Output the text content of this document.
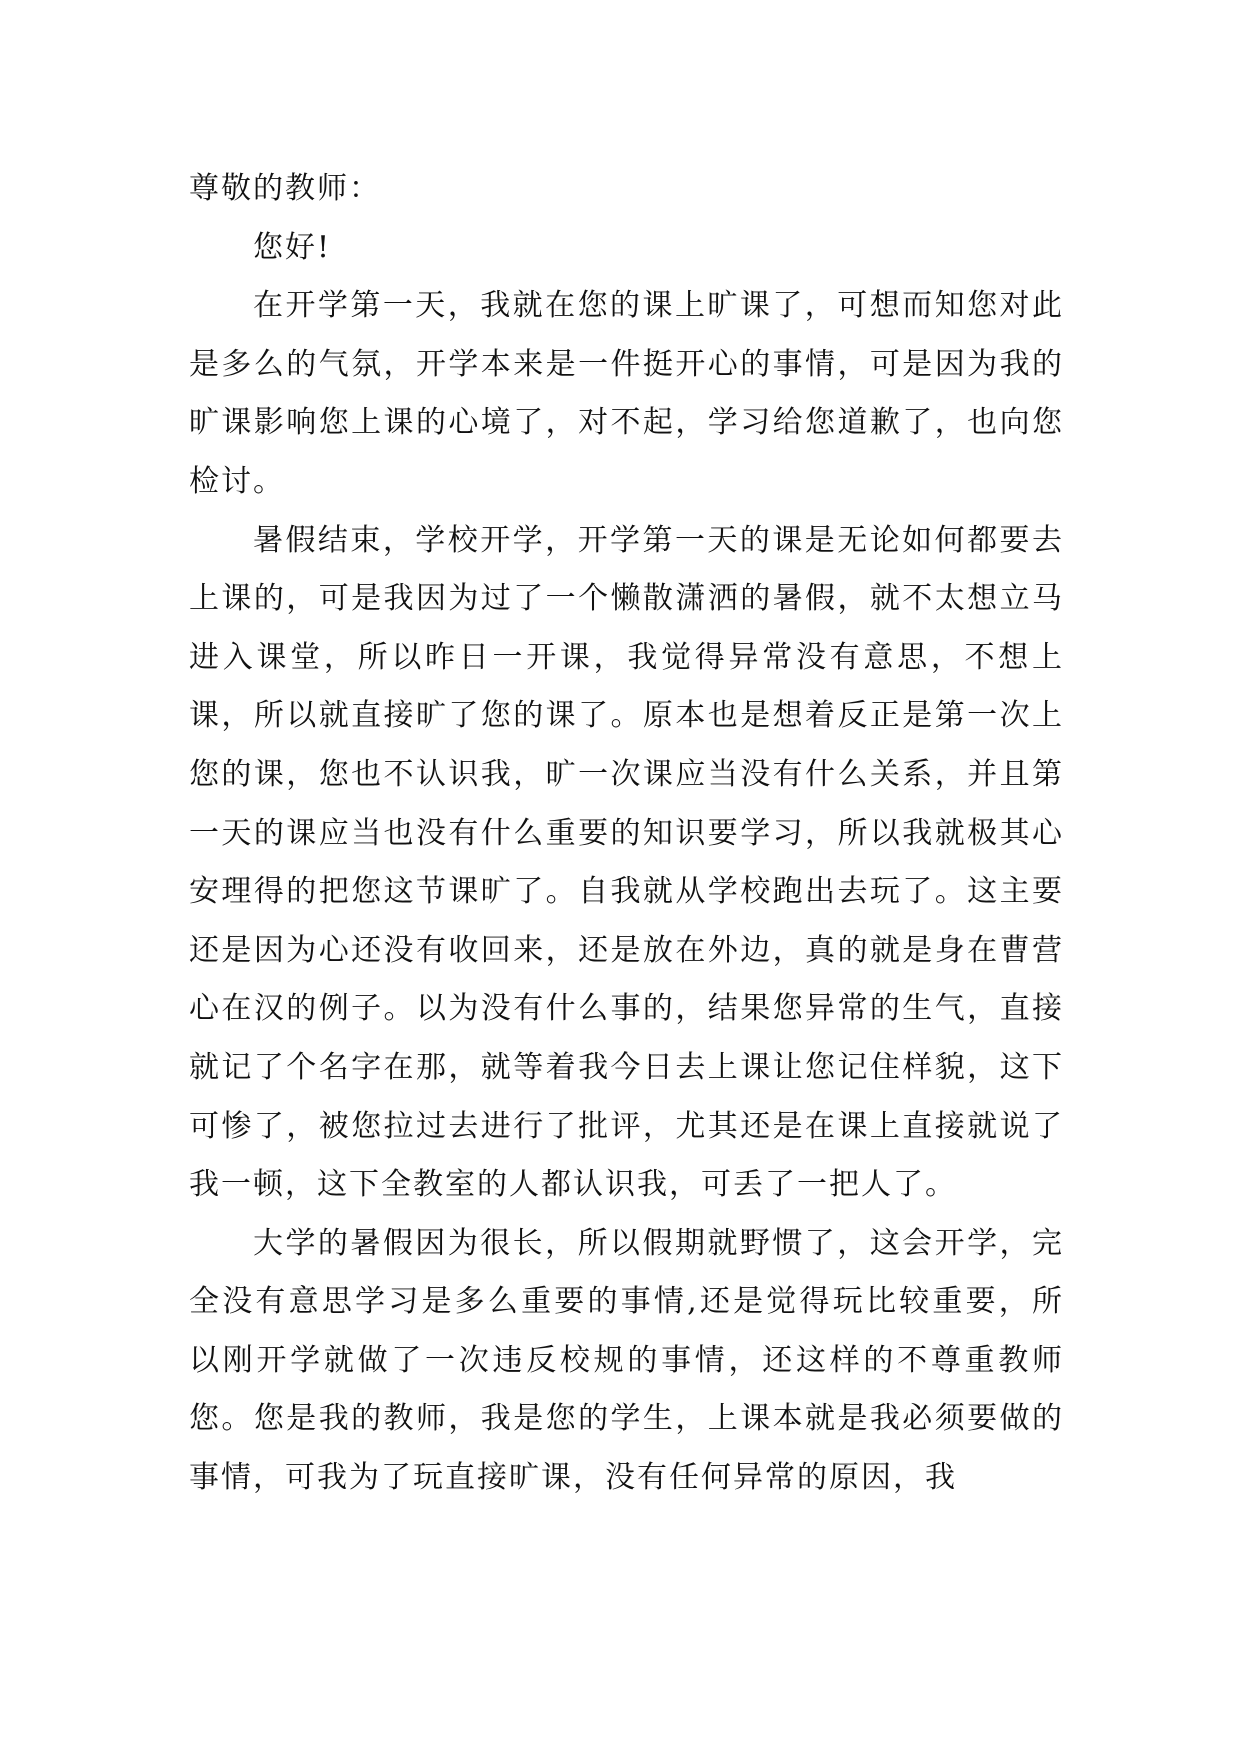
尊敬的教师：

您好!

在开学第一天，我就在您的课上旷课了，可想而知您对此是多么的气氛，开学本来是一件挺开心的事情，可是因为我的旷课影响您上课的心境了，对不起，学习给您道歉了，也向您检讨。

暑假结束，学校开学，开学第一天的课是无论如何都要去上课的，可是我因为过了一个懒散潇洒的暑假，就不太想立马进入课堂，所以昨日一开课，我觉得异常没有意思，不想上课，所以就直接旷了您的课了。原本也是想着反正是第一次上您的课，您也不认识我，旷一次课应当没有什么关系，并且第一天的课应当也没有什么重要的知识要学习，所以我就极其心安理得的把您这节课旷了。自我就从学校跑出去玩了。这主要还是因为心还没有收回来，还是放在外边，真的就是身在曹营心在汉的例子。以为没有什么事的，结果您异常的生气，直接就记了个名字在那，就等着我今日去上课让您记住样貌，这下可惨了，被您拉过去进行了批评，尤其还是在课上直接就说了我一顿，这下全教室的人都认识我，可丢了一把人了。

大学的暑假因为很长，所以假期就野惯了，这会开学，完全没有意思学习是多么重要的事情,还是觉得玩比较重要，所以刚开学就做了一次违反校规的事情，还这样的不尊重教师您。您是我的教师，我是您的学生，上课本就是我必须要做的事情，可我为了玩直接旷课，没有任何异常的原因，我
